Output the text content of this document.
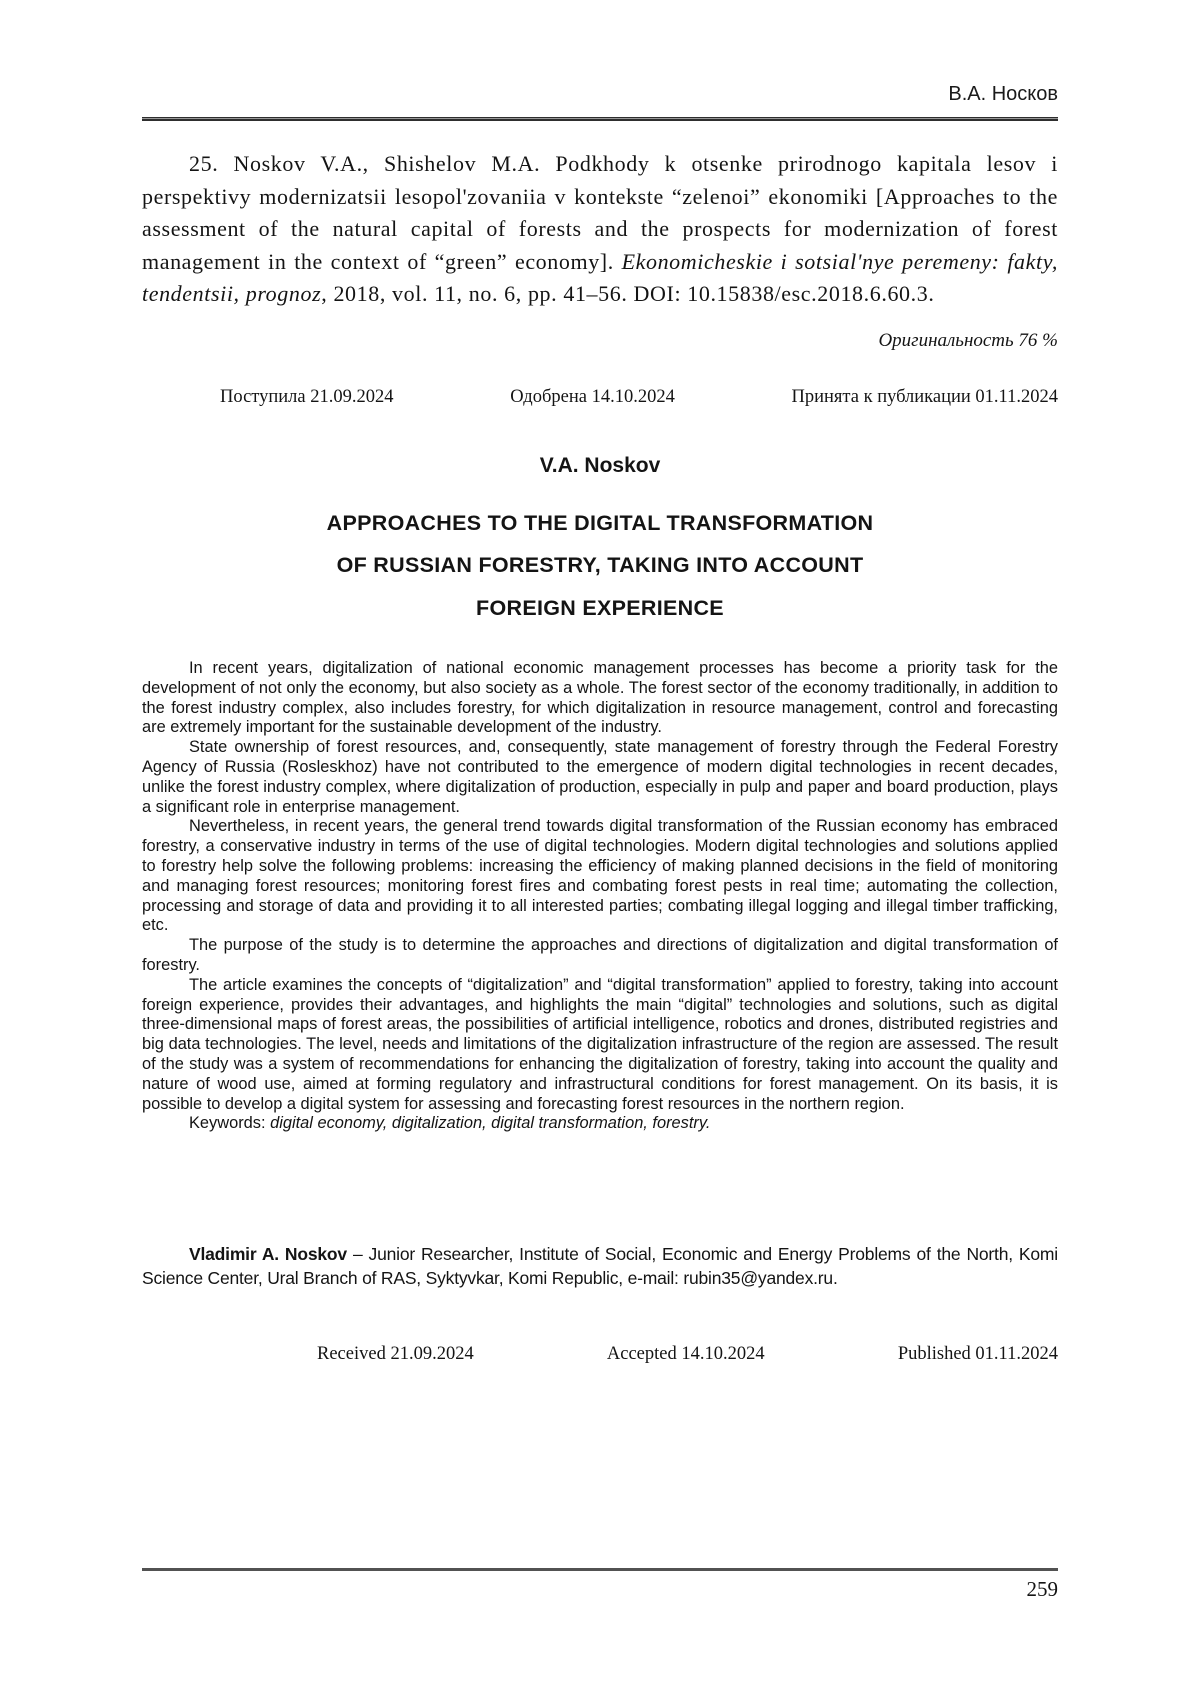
В.А. Носков

25. Noskov V.A., Shishelov M.A. Podkhody k otsenke prirodnogo kapitala lesov i perspektivy modernizatsii lesopol'zovaniia v kontekste “zelenoi” ekonomiki [Approaches to the assessment of the natural capital of forests and the prospects for modernization of forest management in the context of “green” economy]. Ekonomicheskie i sotsial'nye peremeny: fakty, tendentsii, prognoz, 2018, vol. 11, no. 6, pp. 41–56. DOI: 10.15838/esc.2018.6.60.3.

Оригинальность 76 %
Поступила 21.09.2024	Одобрена 14.10.2024	Принята к публикации 01.11.2024
V.A. Noskov
APPROACHES TO THE DIGITAL TRANSFORMATION
OF RUSSIAN FORESTRY, TAKING INTO ACCOUNT
FOREIGN EXPERIENCE

In recent years, digitalization of national economic management processes has become a priority task for the development of not only the economy, but also society as a whole. The forest sector of the economy traditionally, in addition to the forest industry complex, also includes forestry, for which digitalization in resource management, control and forecasting are extremely important for the sustainable development of the industry.

State ownership of forest resources, and, consequently, state management of forestry through the Federal Forestry Agency of Russia (Rosleskhoz) have not contributed to the emergence of modern digital technologies in recent decades, unlike the forest industry complex, where digitalization of production, especially in pulp and paper and board production, plays a significant role in enterprise management.

Nevertheless, in recent years, the general trend towards digital transformation of the Russian economy has embraced forestry, a conservative industry in terms of the use of digital technologies. Modern digital technologies and solutions applied to forestry help solve the following problems: increasing the efficiency of making planned decisions in the field of monitoring and managing forest resources; monitoring forest fires and combating forest pests in real time; automating the collection, processing and storage of data and providing it to all interested parties; combating illegal logging and illegal timber trafficking, etc.

The purpose of the study is to determine the approaches and directions of digitalization and digital transformation of forestry.

The article examines the concepts of “digitalization” and “digital transformation” applied to forestry, taking into account foreign experience, provides their advantages, and highlights the main “digital” technologies and solutions, such as digital three-dimensional maps of forest areas, the possibilities of artificial intelligence, robotics and drones, distributed registries and big data technologies. The level, needs and limitations of the digitalization infrastructure of the region are assessed. The result of the study was a system of recommendations for enhancing the digitalization of forestry, taking into account the quality and nature of wood use, aimed at forming regulatory and infrastructural conditions for forest management. On its basis, it is possible to develop a digital system for assessing and forecasting forest resources in the northern region.

Keywords: digital economy, digitalization, digital transformation, forestry.

Vladimir A. Noskov – Junior Researcher, Institute of Social, Economic and Energy Problems of the North, Komi Science Center, Ural Branch of RAS, Syktyvkar, Komi Republic, e-mail: rubin35@yandex.ru.

Received 21.09.2024	Accepted 14.10.2024	Published 01.11.2024
259
